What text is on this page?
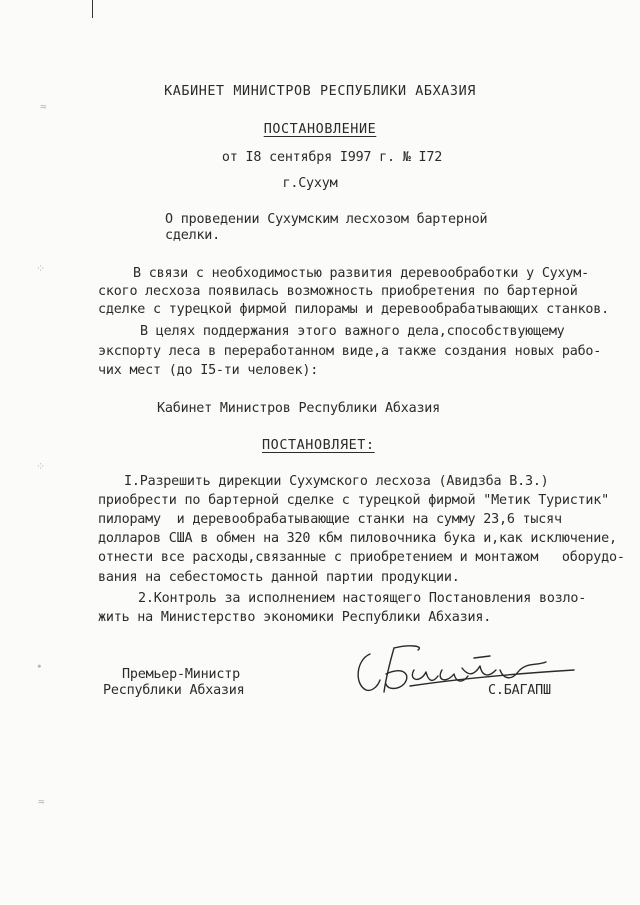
≈
⁘
⁘
∙
≈
КАБИНЕТ МИНИСТРОВ РЕСПУБЛИКИ АБХАЗИЯ
ПОСТАНОВЛЕНИЕ
от I8 сентября I997 г. № I72
г.Сухум
О проведении Сухумским лесхозом бартерной
сделки.
В связи с необходимостью развития деревообработки у Сухум-
ского лесхоза появилась возможность приобретения по бартерной
сделке с турецкой фирмой пилорамы и деревообрабатывающих станков.
В целях поддержания этого важного дела,способствующему
экспорту леса в переработанном виде,а также создания новых рабо-
чих мест (до I5-ти человек):
Кабинет Министров Республики Абхазия
ПОСТАНОВЛЯЕТ:
I.Разрешить дирекции Сухумского лесхоза (Авидзба В.З.)
приобрести по бартерной сделке с турецкой фирмой "Метик Туристик"
пилораму  и деревообрабатывающие станки на сумму 23,6 тысяч
долларов США в обмен на 320 кбм пиловочника бука и,как исключение,
отнести все расходы,связанные с приобретением и монтажом   оборудо-
вания на себестомость данной партии продукции.
2.Контроль за исполнением настоящего Постановления возло-
жить на Министерство экономики Республики Абхазия.
Премьер-Министр
Республики Абхазия	С.БАГАПШ
